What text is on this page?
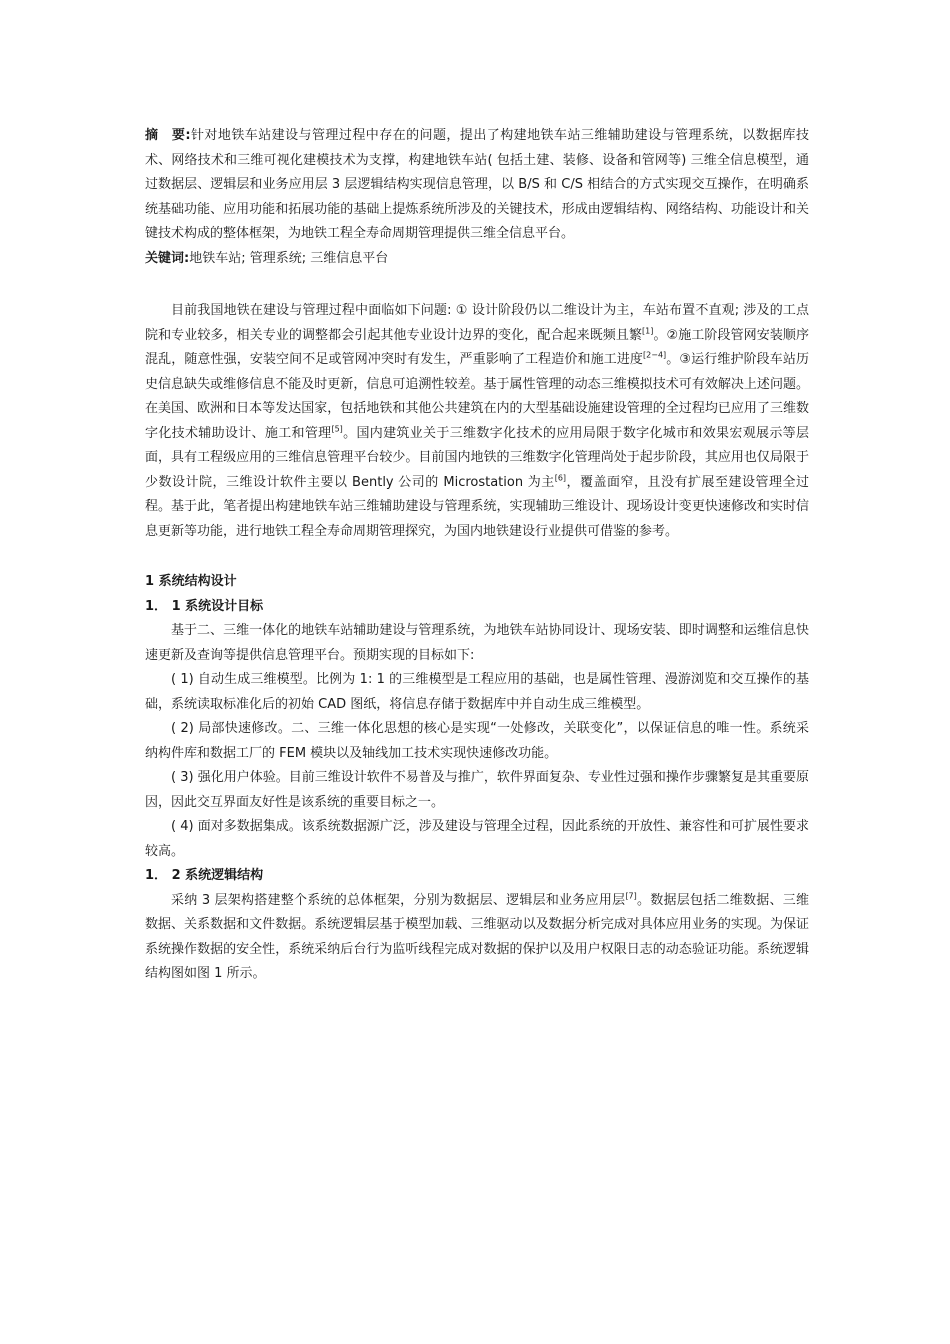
摘　要:针对地铁车站建设与管理过程中存在的问题，提出了构建地铁车站三维辅助建设与管理系统，以数据库技术、网络技术和三维可视化建模技术为支撑，构建地铁车站( 包括土建、装修、设备和管网等) 三维全信息模型，通过数据层、逻辑层和业务应用层 3 层逻辑结构实现信息管理，以 B/S 和 C/S 相结合的方式实现交互操作，在明确系统基础功能、应用功能和拓展功能的基础上提炼系统所涉及的关键技术，形成由逻辑结构、网络结构、功能设计和关键技术构成的整体框架，为地铁工程全寿命周期管理提供三维全信息平台。

关键词:地铁车站; 管理系统; 三维信息平台

目前我国地铁在建设与管理过程中面临如下问题: ① 设计阶段仍以二维设计为主，车站布置不直观; 涉及的工点院和专业较多，相关专业的调整都会引起其他专业设计边界的变化，配合起来既频且繁[1]。②施工阶段管网安装顺序混乱，随意性强，安装空间不足或管网冲突时有发生，严重影响了工程造价和施工进度[2−4]。③运行维护阶段车站历史信息缺失或维修信息不能及时更新，信息可追溯性较差。基于属性管理的动态三维模拟技术可有效解决上述问题。在美国、欧洲和日本等发达国家，包括地铁和其他公共建筑在内的大型基础设施建设管理的全过程均已应用了三维数字化技术辅助设计、施工和管理[5]。国内建筑业关于三维数字化技术的应用局限于数字化城市和效果宏观展示等层面，具有工程级应用的三维信息管理平台较少。目前国内地铁的三维数字化管理尚处于起步阶段，其应用也仅局限于少数设计院，三维设计软件主要以 Bently 公司的 Microstation 为主[6]，覆盖面窄，且没有扩展至建设管理全过程。基于此，笔者提出构建地铁车站三维辅助建设与管理系统，实现辅助三维设计、现场设计变更快速修改和实时信息更新等功能，进行地铁工程全寿命周期管理探究，为国内地铁建设行业提供可借鉴的参考。

1 系统结构设计

1． 1 系统设计目标

基于二、三维一体化的地铁车站辅助建设与管理系统，为地铁车站协同设计、现场安装、即时调整和运维信息快速更新及查询等提供信息管理平台。预期实现的目标如下:

( 1) 自动生成三维模型。比例为 1: 1 的三维模型是工程应用的基础，也是属性管理、漫游浏览和交互操作的基础，系统读取标准化后的初始 CAD 图纸，将信息存储于数据库中并自动生成三维模型。

( 2) 局部快速修改。二、三维一体化思想的核心是实现“一处修改，关联变化”，以保证信息的唯一性。系统采纳构件库和数据工厂的 FEM 模块以及轴线加工技术实现快速修改功能。

( 3) 强化用户体验。目前三维设计软件不易普及与推广，软件界面复杂、专业性过强和操作步骤繁复是其重要原因，因此交互界面友好性是该系统的重要目标之一。

( 4) 面对多数据集成。该系统数据源广泛，涉及建设与管理全过程，因此系统的开放性、兼容性和可扩展性要求较高。

1． 2 系统逻辑结构

采纳 3 层架构搭建整个系统的总体框架，分别为数据层、逻辑层和业务应用层[7]。数据层包括二维数据、三维数据、关系数据和文件数据。系统逻辑层基于模型加载、三维驱动以及数据分析完成对具体应用业务的实现。为保证系统操作数据的安全性，系统采纳后台行为监听线程完成对数据的保护以及用户权限日志的动态验证功能。系统逻辑结构图如图 1 所示。
